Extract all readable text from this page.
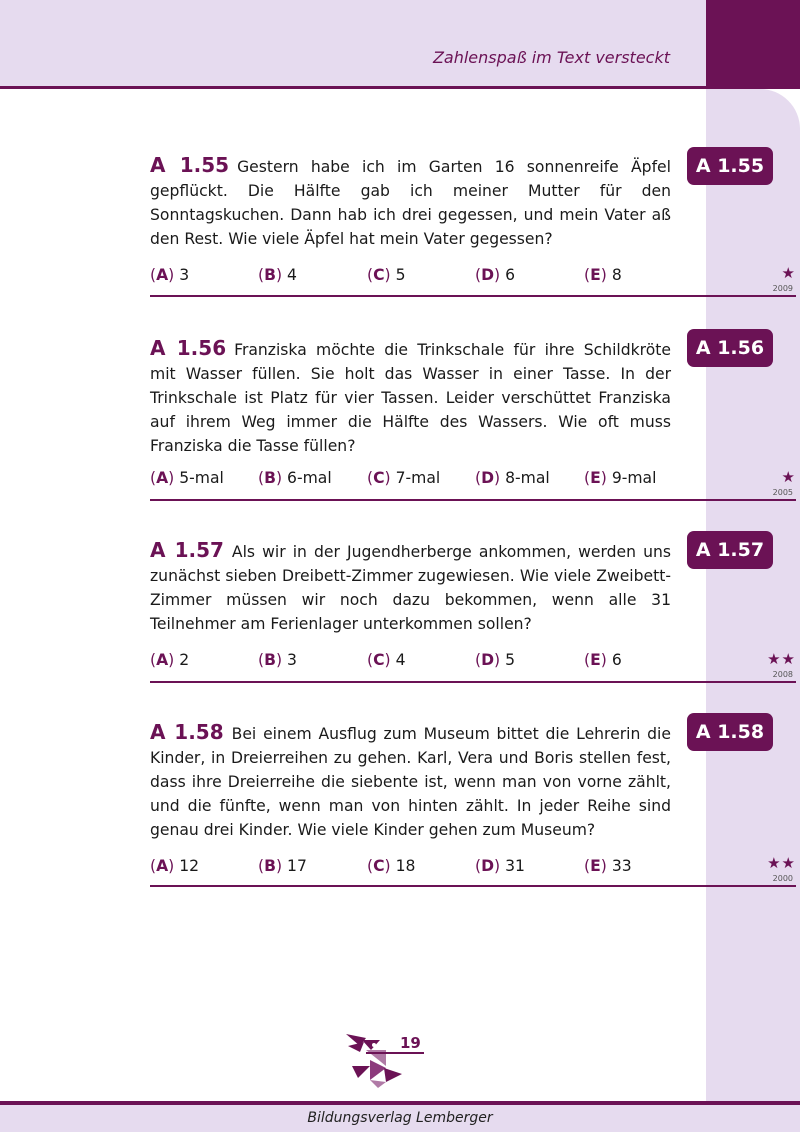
Zahlenspaß im Text versteckt

A 1.55 Gestern habe ich im Garten 16 sonnenreife Äpfel gepflückt. Die Hälfte gab ich meiner Mutter für den Sonntagskuchen. Dann hab ich drei gegessen, und mein Vater aß den Rest. Wie viele Äpfel hat mein Vater gegessen?

(A) 3	(B) 4	(C) 5	(D) 6	(E) 8
A 1.55
★
2009

A 1.56 Franziska möchte die Trinkschale für ihre Schildkröte mit Wasser füllen. Sie holt das Wasser in einer Tasse. In der Trinkschale ist Platz für vier Tassen. Leider verschüttet Franziska auf ihrem Weg immer die Hälfte des Wassers. Wie oft muss Franziska die Tasse füllen?

(A) 5-mal (B) 6-mal (C) 7-mal (D) 8-mal (E) 9-mal
A 1.56
★
2005

A 1.57 Als wir in der Jugendherberge ankommen, werden uns zunächst sieben Dreibett-Zimmer zugewiesen. Wie viele Zweibett-Zimmer müssen wir noch dazu bekommen, wenn alle 31 Teilnehmer am Ferienlager unterkommen sollen?

(A) 2	(B) 3	(C) 4	(D) 5	(E) 6
A 1.57
★★
2008

A 1.58 Bei einem Ausflug zum Museum bittet die Lehrerin die Kinder, in Dreierreihen zu gehen. Karl, Vera und Boris stellen fest, dass ihre Dreierreihe die siebente ist, wenn man von vorne zählt, und die fünfte, wenn man von hinten zählt. In jeder Reihe sind genau drei Kinder. Wie viele Kinder gehen zum Museum?

(A) 12	(B) 17	(C) 18	(D) 31	(E) 33
A 1.58
★★
2000
19
Bildungsverlag Lemberger
